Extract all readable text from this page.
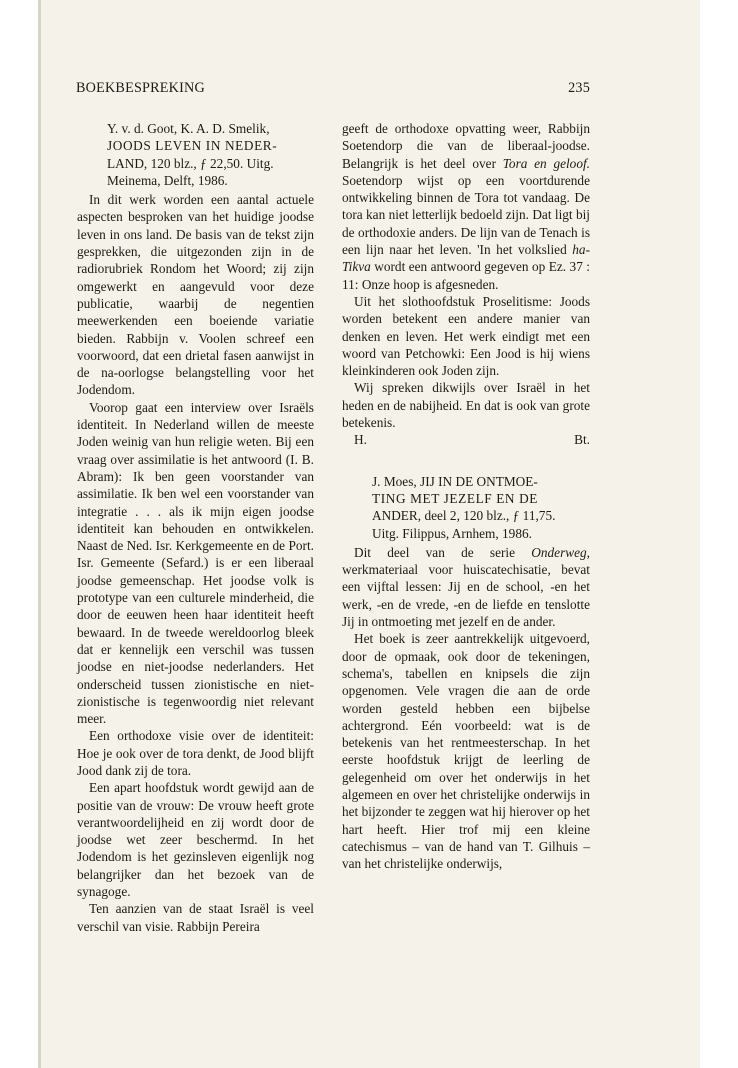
BOEKBESPREKING	235
Y. v. d. Goot, K. A. D. Smelik,
JOODS LEVEN IN NEDER-
LAND, 120 blz., ƒ 22,50. Uitg.
Meinema, Delft, 1986.

In dit werk worden een aantal actuele aspecten besproken van het huidige joodse leven in ons land. De basis van de tekst zijn gesprekken, die uitgezonden zijn in de radiorubriek Rondom het Woord; zij zijn omgewerkt en aangevuld voor deze publicatie, waarbij de negentien meewerkenden een boeiende variatie bieden. Rabbijn v. Voolen schreef een voorwoord, dat een drietal fasen aanwijst in de na-oorlogse belangstelling voor het Jodendom.

Voorop gaat een interview over Israëls identiteit. In Nederland willen de meeste Joden weinig van hun religie weten. Bij een vraag over assimilatie is het antwoord (I. B. Abram): Ik ben geen voorstander van assimilatie. Ik ben wel een voorstander van integratie . . . als ik mijn eigen joodse identiteit kan behouden en ontwikkelen. Naast de Ned. Isr. Kerkgemeente en de Port. Isr. Gemeente (Sefard.) is er een liberaal joodse gemeenschap. Het joodse volk is prototype van een culturele minderheid, die door de eeuwen heen haar identiteit heeft bewaard. In de tweede wereldoorlog bleek dat er kennelijk een verschil was tussen joodse en niet-joodse nederlanders. Het onderscheid tussen zionistische en niet-zionistische is tegenwoordig niet relevant meer.

Een orthodoxe visie over de identiteit: Hoe je ook over de tora denkt, de Jood blijft Jood dank zij de tora.

Een apart hoofdstuk wordt gewijd aan de positie van de vrouw: De vrouw heeft grote verantwoordelijheid en zij wordt door de joodse wet zeer beschermd. In het Jodendom is het gezinsleven eigenlijk nog belangrijker dan het bezoek van de synagoge.

Ten aanzien van de staat Israël is veel verschil van visie. Rabbijn Pereira

geeft de orthodoxe opvatting weer, Rabbijn Soetendorp die van de liberaal-joodse. Belangrijk is het deel over Tora en geloof. Soetendorp wijst op een voortdurende ontwikkeling binnen de Tora tot vandaag. De tora kan niet letterlijk bedoeld zijn. Dat ligt bij de orthodoxie anders. De lijn van de Tenach is een lijn naar het leven. 'In het volkslied ha-Tikva wordt een antwoord gegeven op Ez. 37 : 11: Onze hoop is afgesneden.

Uit het slothoofdstuk Proselitisme: Joods worden betekent een andere manier van denken en leven. Het werk eindigt met een woord van Petchowki: Een Jood is hij wiens kleinkinderen ook Joden zijn.

Wij spreken dikwijls over Israël in het heden en de nabijheid. En dat is ook van grote betekenis.

H.	Bt.

J. Moes, JIJ IN DE ONTMOE-
TING MET JEZELF EN DE
ANDER, deel 2, 120 blz., ƒ 11,75.
Uitg. Filippus, Arnhem, 1986.

Dit deel van de serie Onderweg, werkmateriaal voor huiscatechisatie, bevat een vijftal lessen: Jij en de school, -en het werk, -en de vrede, -en de liefde en tenslotte Jij in ontmoeting met jezelf en de ander.

Het boek is zeer aantrekkelijk uitgevoerd, door de opmaak, ook door de tekeningen, schema's, tabellen en knipsels die zijn opgenomen. Vele vragen die aan de orde worden gesteld hebben een bijbelse achtergrond. Eén voorbeeld: wat is de betekenis van het rentmeesterschap. In het eerste hoofdstuk krijgt de leerling de gelegenheid om over het onderwijs in het algemeen en over het christelijke onderwijs in het bijzonder te zeggen wat hij hierover op het hart heeft. Hier trof mij een kleine catechismus – van de hand van T. Gilhuis – van het christelijke onderwijs,
